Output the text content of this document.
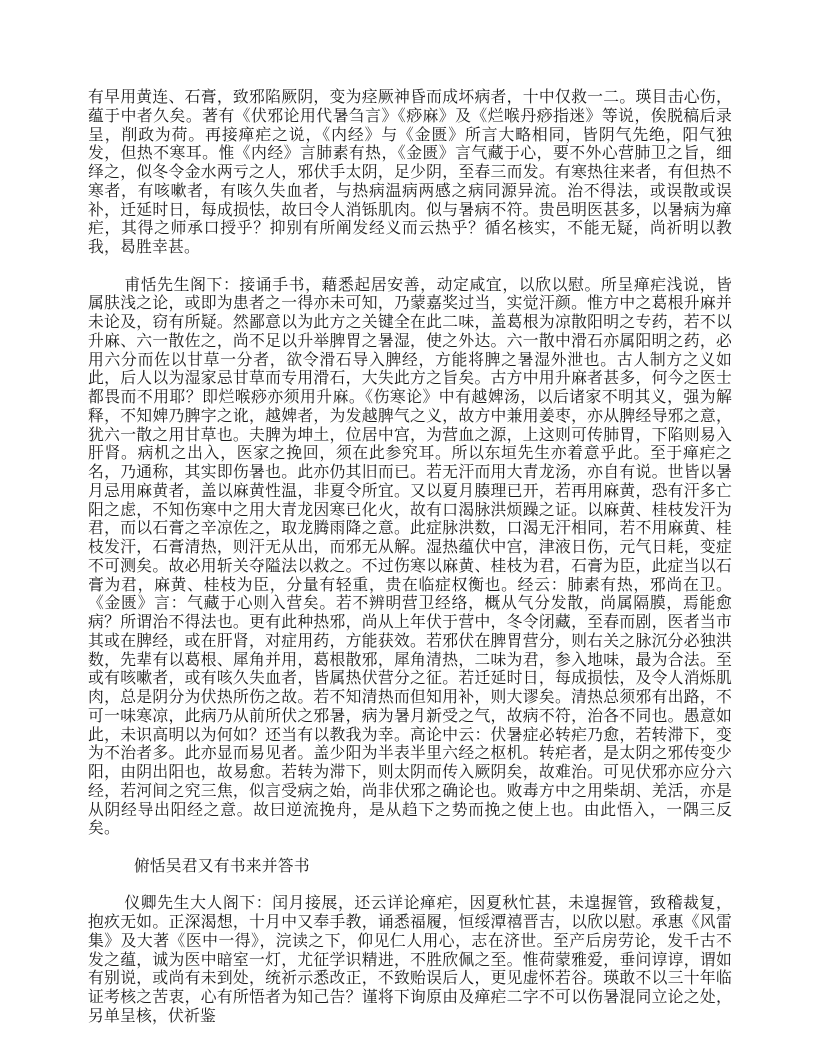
有早用黄连、石膏，致邪陷厥阴，变为痉厥神昏而成坏病者，十中仅救一二。瑛目击心伤，蕴于中者久矣。著有《伏邪论用代暑刍言》《痧麻》及《烂喉丹痧指迷》等说，俟脱稿后录呈，削政为荷。再接瘅疟之说，《内经》与《金匮》所言大略相同，皆阴气先绝，阳气独发，但热不寒耳。惟《内经》言肺素有热，《金匮》言气藏于心，要不外心营肺卫之旨，细绎之，似冬令金水两亏之人，邪伏手太阴，足少阴，至春三而发。有寒热往来者，有但热不寒者，有咳嗽者，有咳久失血者，与热病温病两感之病同源异流。治不得法，或误散或误补，迁延时日，每成损怯，故曰令人消铄肌肉。似与暑病不符。贵邑明医甚多，以暑病为瘅疟，其得之师承口授乎？抑别有所阐发经义而云热乎？循名核实，不能无疑，尚祈明以教我，曷胜幸甚。

甫恬先生阁下：接诵手书，藉悉起居安善，动定咸宜，以欣以慰。所呈瘅疟浅说，皆属肤浅之论，或即为患者之一得亦未可知，乃蒙嘉奖过当，实觉汗颜。惟方中之葛根升麻并未论及，窃有所疑。然鄙意以为此方之关键全在此二味，盖葛根为凉散阳明之专药，若不以升麻、六一散佐之，尚不足以升举脾胃之暑湿，使之外达。六一散中滑石亦属阳明之药，必用六分而佐以甘草一分者，欲令滑石导入脾经，方能将脾之暑湿外泄也。古人制方之义如此，后人以为湿家忌甘草而专用滑石，大失此方之旨矣。古方中用升麻者甚多，何今之医士都畏而不用耶？即烂喉痧亦须用升麻。《伤寒论》中有越婢汤，以后诸家不明其义，强为解释，不知婢乃脾字之讹，越婢者，为发越脾气之义，故方中兼用姜枣，亦从脾经导邪之意，犹六一散之用甘草也。夫脾为坤土，位居中宫，为营血之源，上这则可传肺胃，下陷则易入肝肾。病机之出入，医家之挽回，须在此参究耳。所以东垣先生亦着意乎此。至于瘅疟之名，乃通称，其实即伤暑也。此亦仍其旧而已。若无汗而用大青龙汤，亦自有说。世皆以暑月忌用麻黄者，盖以麻黄性温，非夏令所宜。又以夏月腠理已开，若再用麻黄，恐有汗多亡阳之虑，不知伤寒中之用大青龙因寒已化火，故有口渴脉洪烦躁之证。以麻黄、桂枝发汗为君，而以石膏之辛凉佐之，取龙腾雨降之意。此症脉洪数，口渴无汗相同，若不用麻黄、桂枝发汗，石膏清热，则汗无从出，而邪无从解。湿热蕴伏中宫，津液日伤，元气日耗，变症不可测矣。故必用斩关夺隘法以救之。不过伤寒以麻黄、桂枝为君，石膏为臣，此症当以石膏为君，麻黄、桂枝为臣，分量有轻重，贵在临症权衡也。经云：肺素有热，邪尚在卫。《金匮》言：气藏于心则入营矣。若不辨明营卫经络，概从气分发散，尚属隔膜，焉能愈病？所谓治不得法也。更有此种热邪，尚从上年伏于营中，冬令闭藏，至春而剧，医者当市其或在脾经，或在肝肾，对症用药，方能获效。若邪伏在脾胃营分，则右关之脉沉分必独洪数，先辈有以葛根、犀角并用，葛根散邪，犀角清热，二味为君，参入地味，最为合法。至或有咳嗽者，或有咳久失血者，皆属热伏营分之征。若迁延时日，每成损怯，及令人消烁肌肉，总是阴分为伏热所伤之故。若不知清热而但知用补，则大谬矣。清热总须邪有出路，不可一味寒凉，此病乃从前所伏之邪暑，病为暑月新受之气，故病不符，治各不同也。愚意如此，未识高明以为何如？还当有以教我为幸。高论中云：伏暑症必转疟乃愈，若转滞下，变为不治者多。此亦显而易见者。盖少阳为半表半里六经之枢机。转疟者，是太阴之邪传变少阳，由阴出阳也，故易愈。若转为滞下，则太阴而传入厥阴矣，故难治。可见伏邪亦应分六经，若河间之究三焦，似言受病之始，尚非伏邪之确论也。败毒方中之用柴胡、羌活，亦是从阴经导出阳经之意。故曰逆流挽舟，是从趋下之势而挽之使上也。由此悟入，一隅三反矣。

俯恬吴君又有书来并答书

仪卿先生大人阁下：闰月接展，还云详论瘅疟，因夏秋忙甚，未遑握管，致稽裁复，抱疚无如。正深渴想，十月中又奉手教，诵悉福履，恒绥潭禧晋吉，以欣以慰。承惠《风雷集》及大著《医中一得》，浣读之下，仰见仁人用心，志在济世。至产后房劳论，发千古不发之蕴，诚为医中暗室一灯，尤征学识精进，不胜欣佩之至。惟荷蒙雅爱，垂问谆谆，谓如有别说，或尚有未到处，统祈示悉改正，不致贻误后人，更见虚怀若谷。瑛敢不以三十年临证考核之苦衷，心有所悟者为知己告？谨将下询原由及瘅疟二字不可以伤暑混同立论之处，另单呈核，伏祈鉴
